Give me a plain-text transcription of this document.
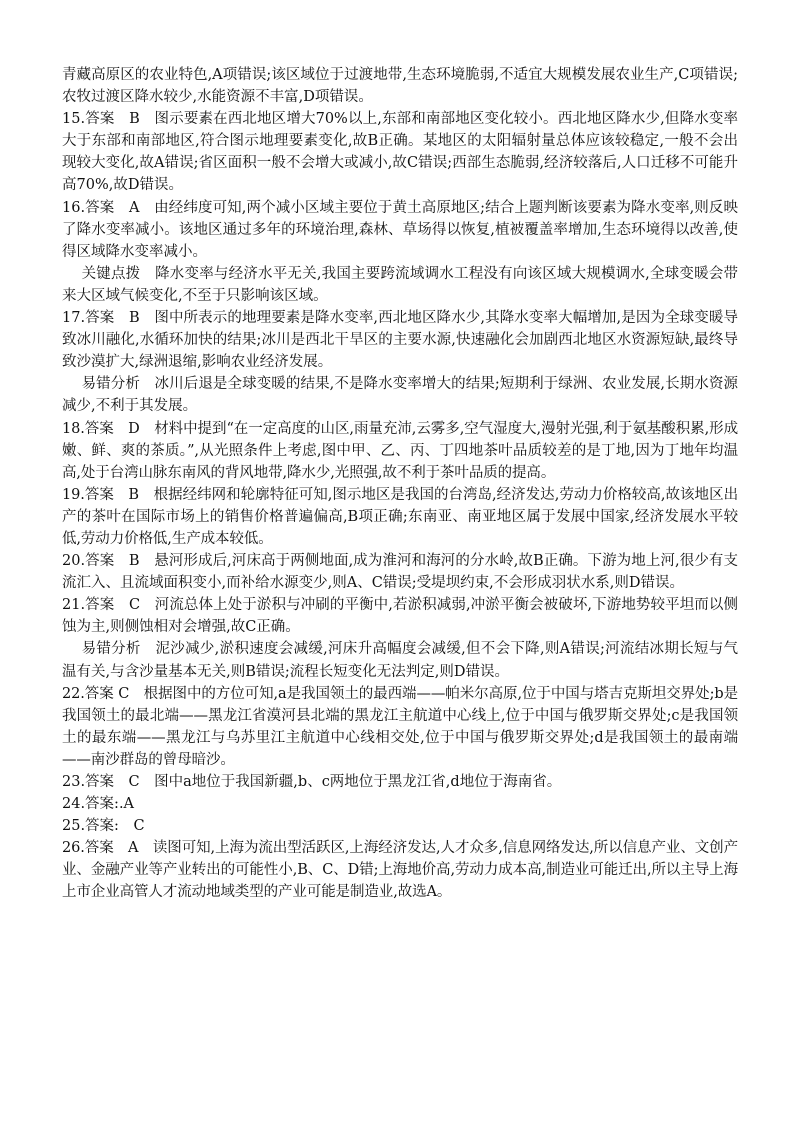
青藏高原区的农业特色,A项错误;该区域位于过渡地带,生态环境脆弱,不适宜大规模发展农业生产,C项错误;农牧过渡区降水较少,水能资源不丰富,D项错误。

15.答案　B　图示要素在西北地区增大70%以上,东部和南部地区变化较小。西北地区降水少,但降水变率大于东部和南部地区,符合图示地理要素变化,故B正确。某地区的太阳辐射量总体应该较稳定,一般不会出现较大变化,故A错误;省区面积一般不会增大或减小,故C错误;西部生态脆弱,经济较落后,人口迁移不可能升高70%,故D错误。

16.答案　A　由经纬度可知,两个减小区域主要位于黄土高原地区;结合上题判断该要素为降水变率,则反映了降水变率减小。该地区通过多年的环境治理,森林、草场得以恢复,植被覆盖率增加,生态环境得以改善,使得区域降水变率减小。

关键点拨　降水变率与经济水平无关,我国主要跨流域调水工程没有向该区域大规模调水,全球变暖会带来大区域气候变化,不至于只影响该区域。

17.答案　B　图中所表示的地理要素是降水变率,西北地区降水少,其降水变率大幅增加,是因为全球变暖导致冰川融化,水循环加快的结果;冰川是西北干旱区的主要水源,快速融化会加剧西北地区水资源短缺,最终导致沙漠扩大,绿洲退缩,影响农业经济发展。

易错分析　冰川后退是全球变暖的结果,不是降水变率增大的结果;短期利于绿洲、农业发展,长期水资源减少,不利于其发展。

18.答案　D　材料中提到“在一定高度的山区,雨量充沛,云雾多,空气湿度大,漫射光强,利于氨基酸积累,形成嫩、鲜、爽的茶质。”,从光照条件上考虑,图中甲、乙、丙、丁四地茶叶品质较差的是丁地,因为丁地年均温高,处于台湾山脉东南风的背风地带,降水少,光照强,故不利于茶叶品质的提高。

19.答案　B　根据经纬网和轮廓特征可知,图示地区是我国的台湾岛,经济发达,劳动力价格较高,故该地区出产的茶叶在国际市场上的销售价格普遍偏高,B项正确;东南亚、南亚地区属于发展中国家,经济发展水平较低,劳动力价格低,生产成本较低。

20.答案　B　悬河形成后,河床高于两侧地面,成为淮河和海河的分水岭,故B正确。下游为地上河,很少有支流汇入、且流域面积变小,而补给水源变少,则A、C错误;受堤坝约束,不会形成羽状水系,则D错误。

21.答案　C　河流总体上处于淤积与冲刷的平衡中,若淤积减弱,冲淤平衡会被破坏,下游地势较平坦而以侧蚀为主,则侧蚀相对会增强,故C正确。

易错分析　泥沙减少,淤积速度会减缓,河床升高幅度会减缓,但不会下降,则A错误;河流结冰期长短与气温有关,与含沙量基本无关,则B错误;流程长短变化无法判定,则D错误。

22.答案 C　根据图中的方位可知,a是我国领土的最西端——帕米尔高原,位于中国与塔吉克斯坦交界处;b是我国领土的最北端——黑龙江省漠河县北端的黑龙江主航道中心线上,位于中国与俄罗斯交界处;c是我国领土的最东端——黑龙江与乌苏里江主航道中心线相交处,位于中国与俄罗斯交界处;d是我国领土的最南端——南沙群岛的曾母暗沙。

23.答案　C　图中a地位于我国新疆,b、c两地位于黑龙江省,d地位于海南省。

24.答案:.A

25.答案:　C

26.答案　A　读图可知,上海为流出型活跃区,上海经济发达,人才众多,信息网络发达,所以信息产业、文创产业、金融产业等产业转出的可能性小,B、C、D错;上海地价高,劳动力成本高,制造业可能迁出,所以主导上海上市企业高管人才流动地域类型的产业可能是制造业,故选A。
